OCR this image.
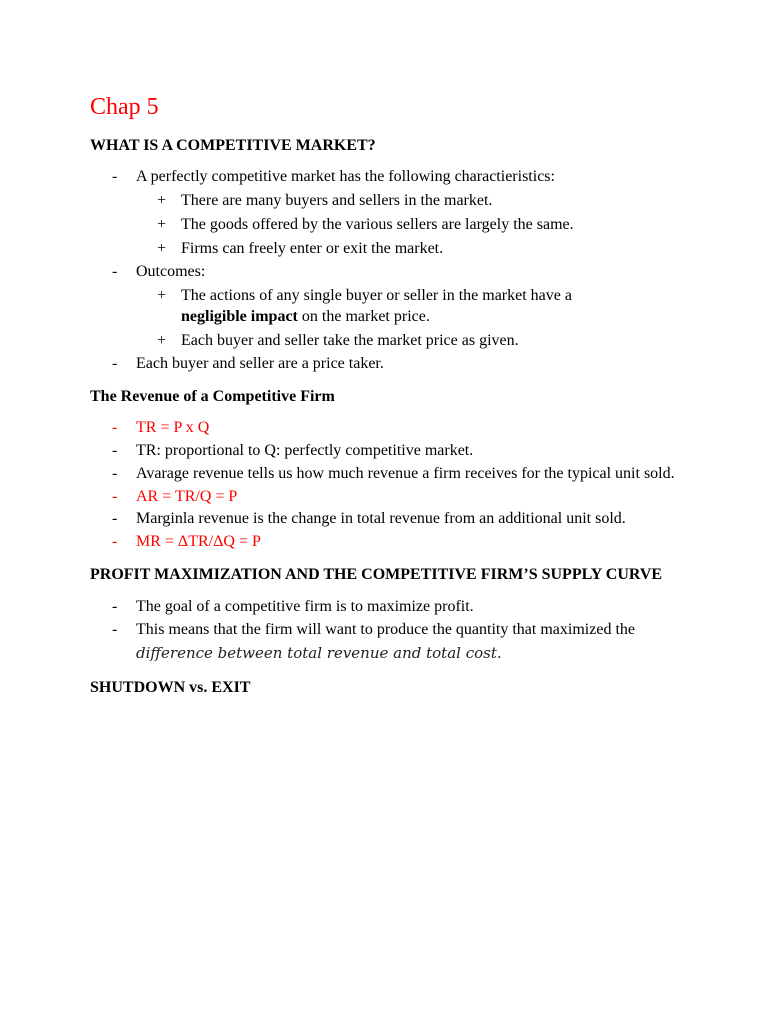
Chap 5
WHAT IS A COMPETITIVE MARKET?
- A perfectly competitive market has the following charactieristics:
+ There are many buyers and sellers in the market.
+ The goods offered by the various sellers are largely the same.
+ Firms can freely enter or exit the market.
- Outcomes:
+ The actions of any single buyer or seller in the market have a
negligible impact on the market price.
+ Each buyer and seller take the market price as given.
- Each buyer and seller are a price taker.
The Revenue of a Competitive Firm
- TR = P x Q
- TR: proportional to Q: perfectly competitive market.
- Avarage revenue tells us how much revenue a firm receives for the typical unit sold.
- AR = TR/Q = P
- Marginla revenue is the change in total revenue from an additional unit sold.
- MR = ΔTR/ΔQ = P
PROFIT MAXIMIZATION AND THE COMPETITIVE FIRM’S SUPPLY CURVE
- The goal of a competitive firm is to maximize profit.
- This means that the firm will want to produce the quantity that maximized the
difference between total revenue and total cost.
SHUTDOWN vs. EXIT
